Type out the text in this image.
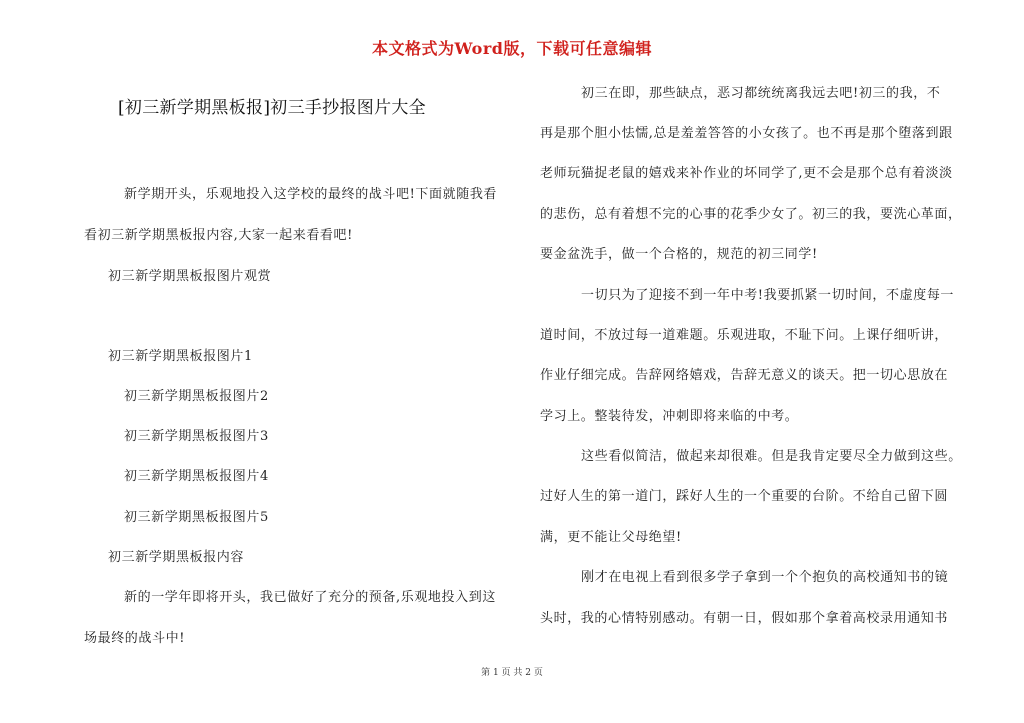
本文格式为Word版，下载可任意编辑
[初三新学期黑板报]初三手抄报图片大全
新学期开头，乐观地投入这学校的最终的战斗吧!下面就随我看
看初三新学期黑板报内容,大家一起来看看吧!
初三新学期黑板报图片观赏
初三新学期黑板报图片1
初三新学期黑板报图片2
初三新学期黑板报图片3
初三新学期黑板报图片4
初三新学期黑板报图片5
初三新学期黑板报内容
新的一学年即将开头，我已做好了充分的预备,乐观地投入到这
场最终的战斗中!
初三在即，那些缺点，恶习都统统离我远去吧!初三的我，不
再是那个胆小怯懦,总是羞羞答答的小女孩了。也不再是那个堕落到跟
老师玩猫捉老鼠的嬉戏来补作业的坏同学了,更不会是那个总有着淡淡
的悲伤，总有着想不完的心事的花季少女了。初三的我，要洗心革面，
要金盆洗手，做一个合格的，规范的初三同学!
一切只为了迎接不到一年中考!我要抓紧一切时间，不虚度每一
道时间，不放过每一道难题。乐观进取，不耻下问。上课仔细听讲，
作业仔细完成。告辞网络嬉戏，告辞无意义的谈天。把一切心思放在
学习上。整装待发，冲刺即将来临的中考。
这些看似简洁，做起来却很难。但是我肯定要尽全力做到这些。
过好人生的第一道门，踩好人生的一个重要的台阶。不给自己留下圆
满，更不能让父母绝望!
刚才在电视上看到很多学子拿到一个个抱负的高校通知书的镜
头时，我的心情特别感动。有朝一日，假如那个拿着高校录用通知书
第 1 页 共 2 页
